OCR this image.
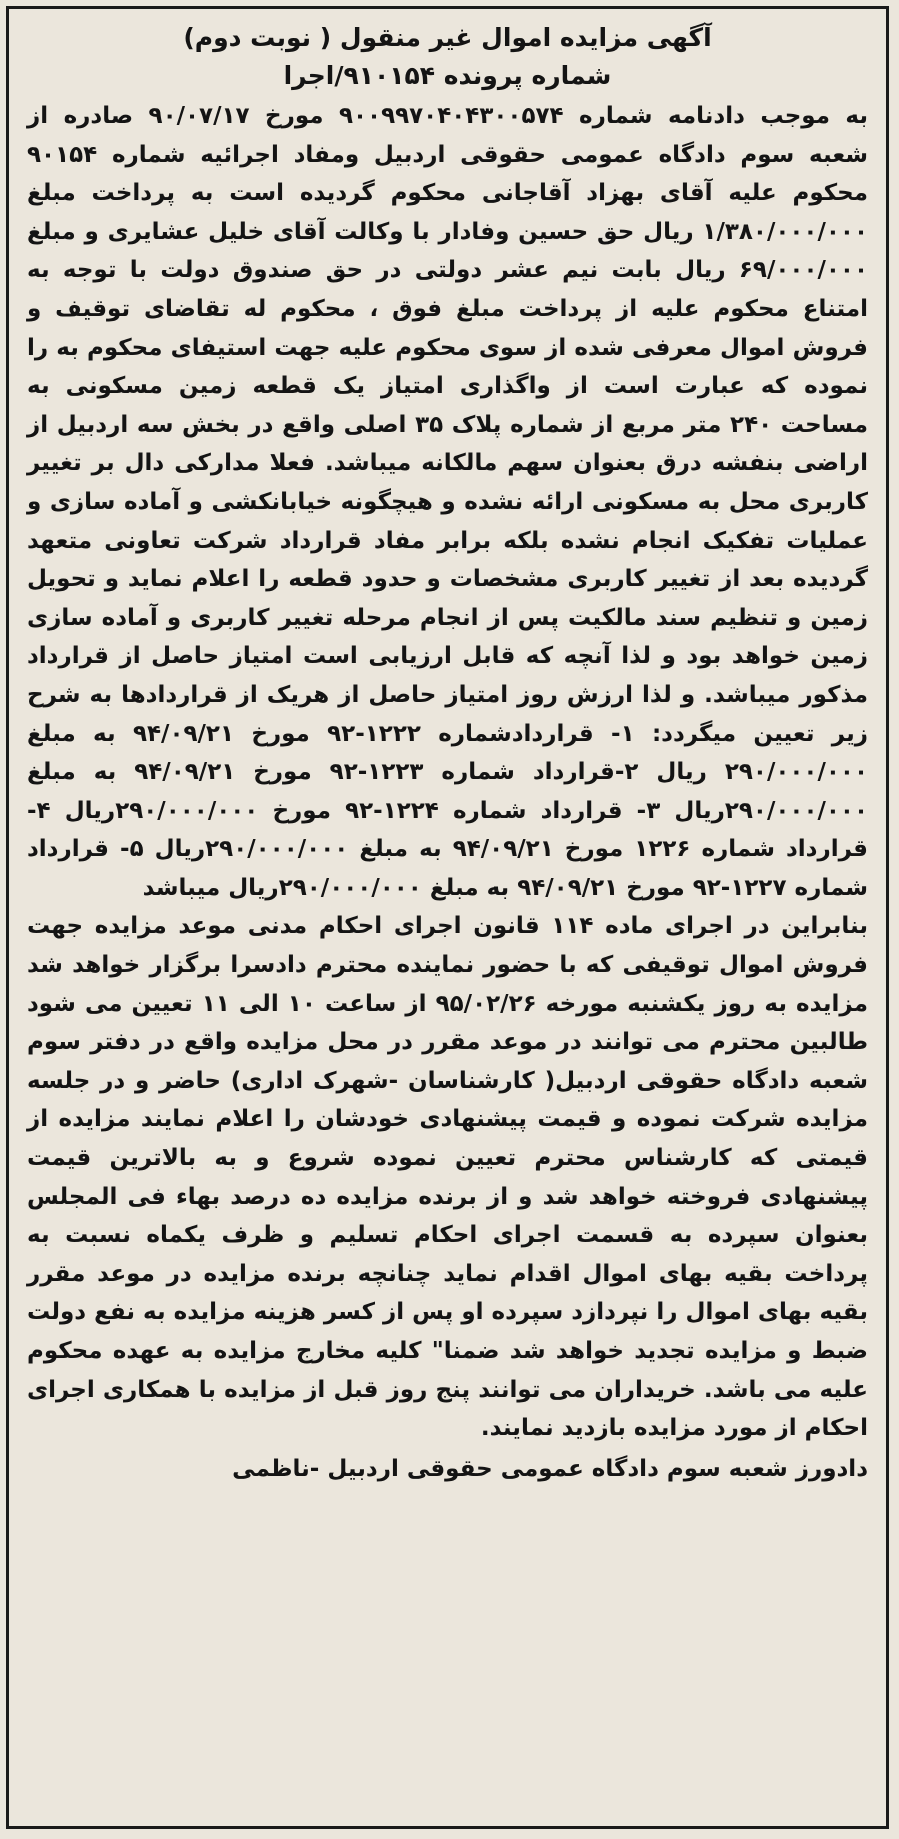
آگهی مزایده اموال غیر منقول ( نوبت دوم)
شماره پرونده ۹۱۰۱۵۴/اجرا

به موجب دادنامه شماره ۹۰۰۹۹۷۰۴۰۴۳۰۰۵۷۴ مورخ ۹۰/۰۷/۱۷ صادره از شعبه سوم دادگاه عمومی حقوقی اردبیل ومفاد اجرائیه شماره ۹۰۱۵۴ محکوم علیه آقای بهزاد آقاجانی محکوم گردیده است به پرداخت مبلغ ۱/۳۸۰/۰۰۰/۰۰۰ ریال حق حسین وفادار با وکالت آقای خلیل عشایری و مبلغ ۶۹/۰۰۰/۰۰۰ ریال بابت نیم عشر دولتی در حق صندوق دولت با توجه به امتناع محکوم علیه از پرداخت مبلغ فوق ، محکوم له تقاضای توقیف و فروش اموال معرفی شده از سوی محکوم علیه جهت استیفای محکوم به را نموده که عبارت است از واگذاری امتیاز یک قطعه زمین مسکونی به مساحت ۲۴۰ متر مربع از شماره پلاک ۳۵ اصلی واقع در بخش سه اردبیل از اراضی بنفشه درق بعنوان سهم مالکانه میباشد. فعلا مدارکی دال بر تغییر کاربری محل به مسکونی ارائه نشده و هیچگونه خیابانکشی و آماده سازی و عملیات تفکیک انجام نشده بلکه برابر مفاد قرارداد شرکت تعاونی متعهد گردیده بعد از تغییر کاربری مشخصات و حدود قطعه را اعلام نماید و تحویل زمین و تنظیم سند مالکیت پس از انجام مرحله تغییر کاربری و آماده سازی زمین خواهد بود و لذا آنچه که قابل ارزیابی است امتیاز حاصل از قرارداد مذکور میباشد. و لذا ارزش روز امتیاز حاصل از هریک از قراردادها به شرح زیر تعیین میگردد: ۱- قراردادشماره ۱۲۲۲-۹۲ مورخ ۹۴/۰۹/۲۱ به مبلغ ۲۹۰/۰۰۰/۰۰۰ ریال ۲-قرارداد شماره ۱۲۲۳-۹۲ مورخ ۹۴/۰۹/۲۱ به مبلغ ۲۹۰/۰۰۰/۰۰۰ریال ۳- قرارداد شماره ۱۲۲۴-۹۲ مورخ ۲۹۰/۰۰۰/۰۰۰ریال ۴- قرارداد شماره ۱۲۲۶ مورخ ۹۴/۰۹/۲۱ به مبلغ ۲۹۰/۰۰۰/۰۰۰ریال ۵- قرارداد شماره ۱۲۲۷-۹۲ مورخ ۹۴/۰۹/۲۱ به مبلغ ۲۹۰/۰۰۰/۰۰۰ریال میباشد

بنابراین در اجرای ماده ۱۱۴ قانون اجرای احکام مدنی موعد مزایده جهت فروش اموال توقیفی که با حضور نماینده محترم دادسرا برگزار خواهد شد مزایده به روز یکشنبه مورخه ۹۵/۰۲/۲۶ از ساعت ۱۰ الی ۱۱ تعیین می شود طالبین محترم می توانند در موعد مقرر در محل مزایده واقع در دفتر سوم شعبه دادگاه حقوقی اردبیل( کارشناسان -شهرک اداری) حاضر و در جلسه مزایده شرکت نموده و قیمت پیشنهادی خودشان را اعلام نمایند مزایده از قیمتی که کارشناس محترم تعیین نموده شروع و به بالاترین قیمت پیشنهادی فروخته خواهد شد و از برنده مزایده ده درصد بهاء فی المجلس بعنوان سپرده به قسمت اجرای احکام تسلیم و ظرف یکماه نسبت به پرداخت بقیه بهای اموال اقدام نماید چنانچه برنده مزایده در موعد مقرر بقیه بهای اموال را نپردازد سپرده او پس از کسر هزینه مزایده به نفع دولت ضبط و مزایده تجدید خواهد شد ضمنا" کلیه مخارج مزایده به عهده محکوم علیه می باشد. خریداران می توانند پنج روز قبل از مزایده با همکاری اجرای احکام از مورد مزایده بازدید نمایند.

دادورز شعبه سوم دادگاه عمومی حقوقی اردبیل -ناظمی
